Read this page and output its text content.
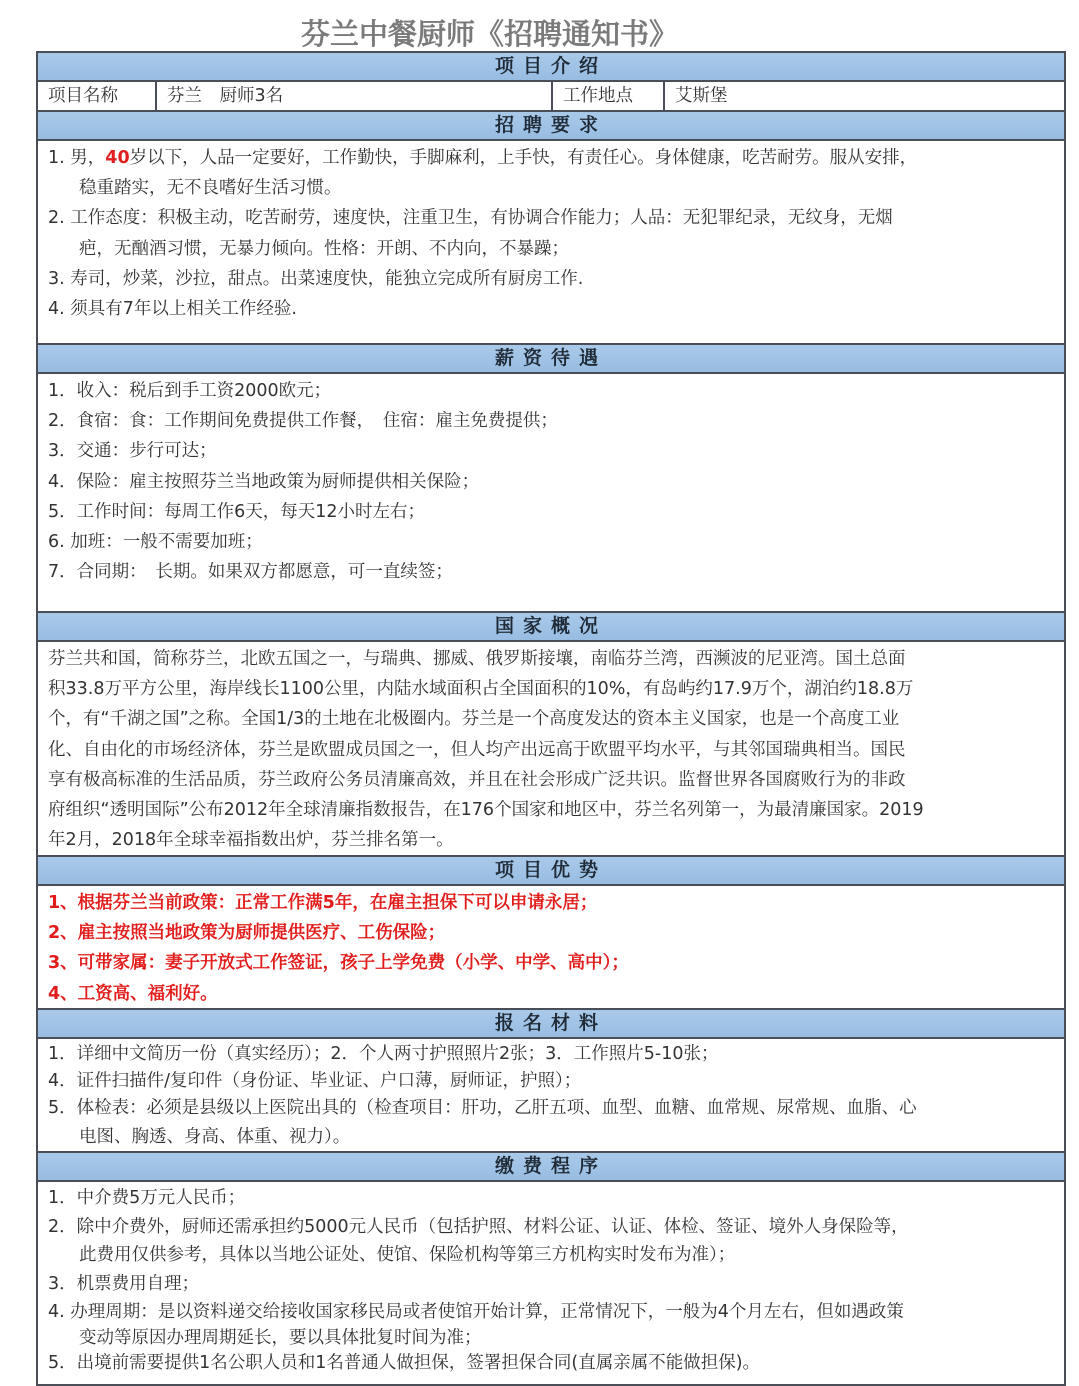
芬兰中餐厨师《招聘通知书》
项目介绍
项目名称	芬兰　厨师3名	工作地点	艾斯堡
招聘要求
1. 男，40岁以下，人品一定要好，工作勤快，手脚麻利，上手快，有责任心。身体健康，吃苦耐劳。服从安排，
稳重踏实，无不良嗜好生活习惯。
2. 工作态度：积极主动，吃苦耐劳，速度快，注重卫生，有协调合作能力；人品：无犯罪纪录，无纹身，无烟
疤，无酗酒习惯，无暴力倾向。性格：开朗、不内向，不暴躁；
3. 寿司，炒菜，沙拉，甜点。出菜速度快，能独立完成所有厨房工作.
4. 须具有7年以上相关工作经验.
薪资待遇
1．收入：税后到手工资2000欧元；
2．食宿：食：工作期间免费提供工作餐，　住宿：雇主免费提供；
3．交通：步行可达；
4．保险：雇主按照芬兰当地政策为厨师提供相关保险；
5．工作时间：每周工作6天，每天12小时左右；
6. 加班：一般不需要加班；
7．合同期：　长期。如果双方都愿意，可一直续签；
国家概况
芬兰共和国，简称芬兰，北欧五国之一，与瑞典、挪威、俄罗斯接壤，南临芬兰湾，西濒波的尼亚湾。国土总面
积33.8万平方公里，海岸线长1100公里，内陆水域面积占全国面积的10%，有岛屿约17.9万个，湖泊约18.8万
个，有“千湖之国”之称。全国1/3的土地在北极圈内。芬兰是一个高度发达的资本主义国家，也是一个高度工业
化、自由化的市场经济体，芬兰是欧盟成员国之一，但人均产出远高于欧盟平均水平，与其邻国瑞典相当。国民
享有极高标准的生活品质，芬兰政府公务员清廉高效，并且在社会形成广泛共识。监督世界各国腐败行为的非政
府组织“透明国际”公布2012年全球清廉指数报告，在176个国家和地区中，芬兰名列第一，为最清廉国家。2019
年2月，2018年全球幸福指数出炉，芬兰排名第一。
项目优势
1、根据芬兰当前政策：正常工作满5年，在雇主担保下可以申请永居；
2、雇主按照当地政策为厨师提供医疗、工伤保险；
3、可带家属：妻子开放式工作签证，孩子上学免费（小学、中学、高中）；
4、工资高、福利好。
报名材料
1．详细中文简历一份（真实经历）；2．个人两寸护照照片2张；3．工作照片5-10张；
4．证件扫描件/复印件（身份证、毕业证、户口薄，厨师证，护照）；
5．体检表：必须是县级以上医院出具的（检查项目：肝功，乙肝五项、血型、血糖、血常规、尿常规、血脂、心
电图、胸透、身高、体重、视力）。
缴费程序
1．中介费5万元人民币；
2．除中介费外，厨师还需承担约5000元人民币（包括护照、材料公证、认证、体检、签证、境外人身保险等，
此费用仅供参考，具体以当地公证处、使馆、保险机构等第三方机构实时发布为准）；
3．机票费用自理；
4. 办理周期：是以资料递交给接收国家移民局或者使馆开始计算，正常情况下，一般为4个月左右，但如遇政策
变动等原因办理周期延长，要以具体批复时间为准；
5．出境前需要提供1名公职人员和1名普通人做担保，签署担保合同(直属亲属不能做担保)。
